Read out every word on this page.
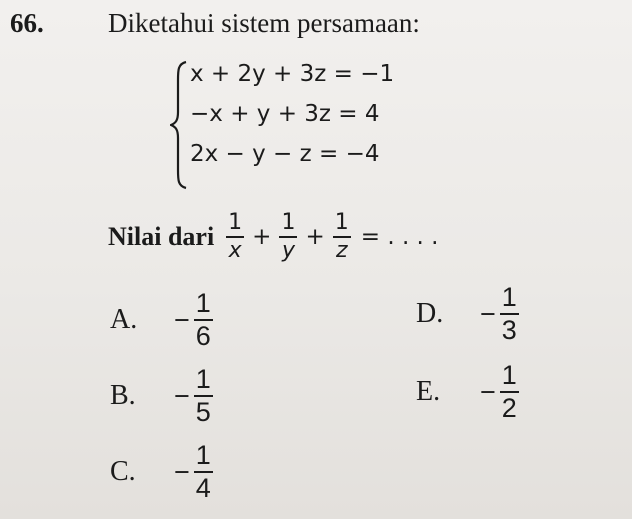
66. Diketahui sistem persamaan:
x + 2y + 3z = −1
−x + y + 3z = 4
2x − y − z = −4
Nilai dari $\frac{1}{x} + \frac{1}{y} + \frac{1}{z}$ = . . . .
A.	− $\frac{1}{6}$
B.	− $\frac{1}{5}$
C.	− $\frac{1}{4}$
D.	− $\frac{1}{3}$
E.	− $\frac{1}{2}$
